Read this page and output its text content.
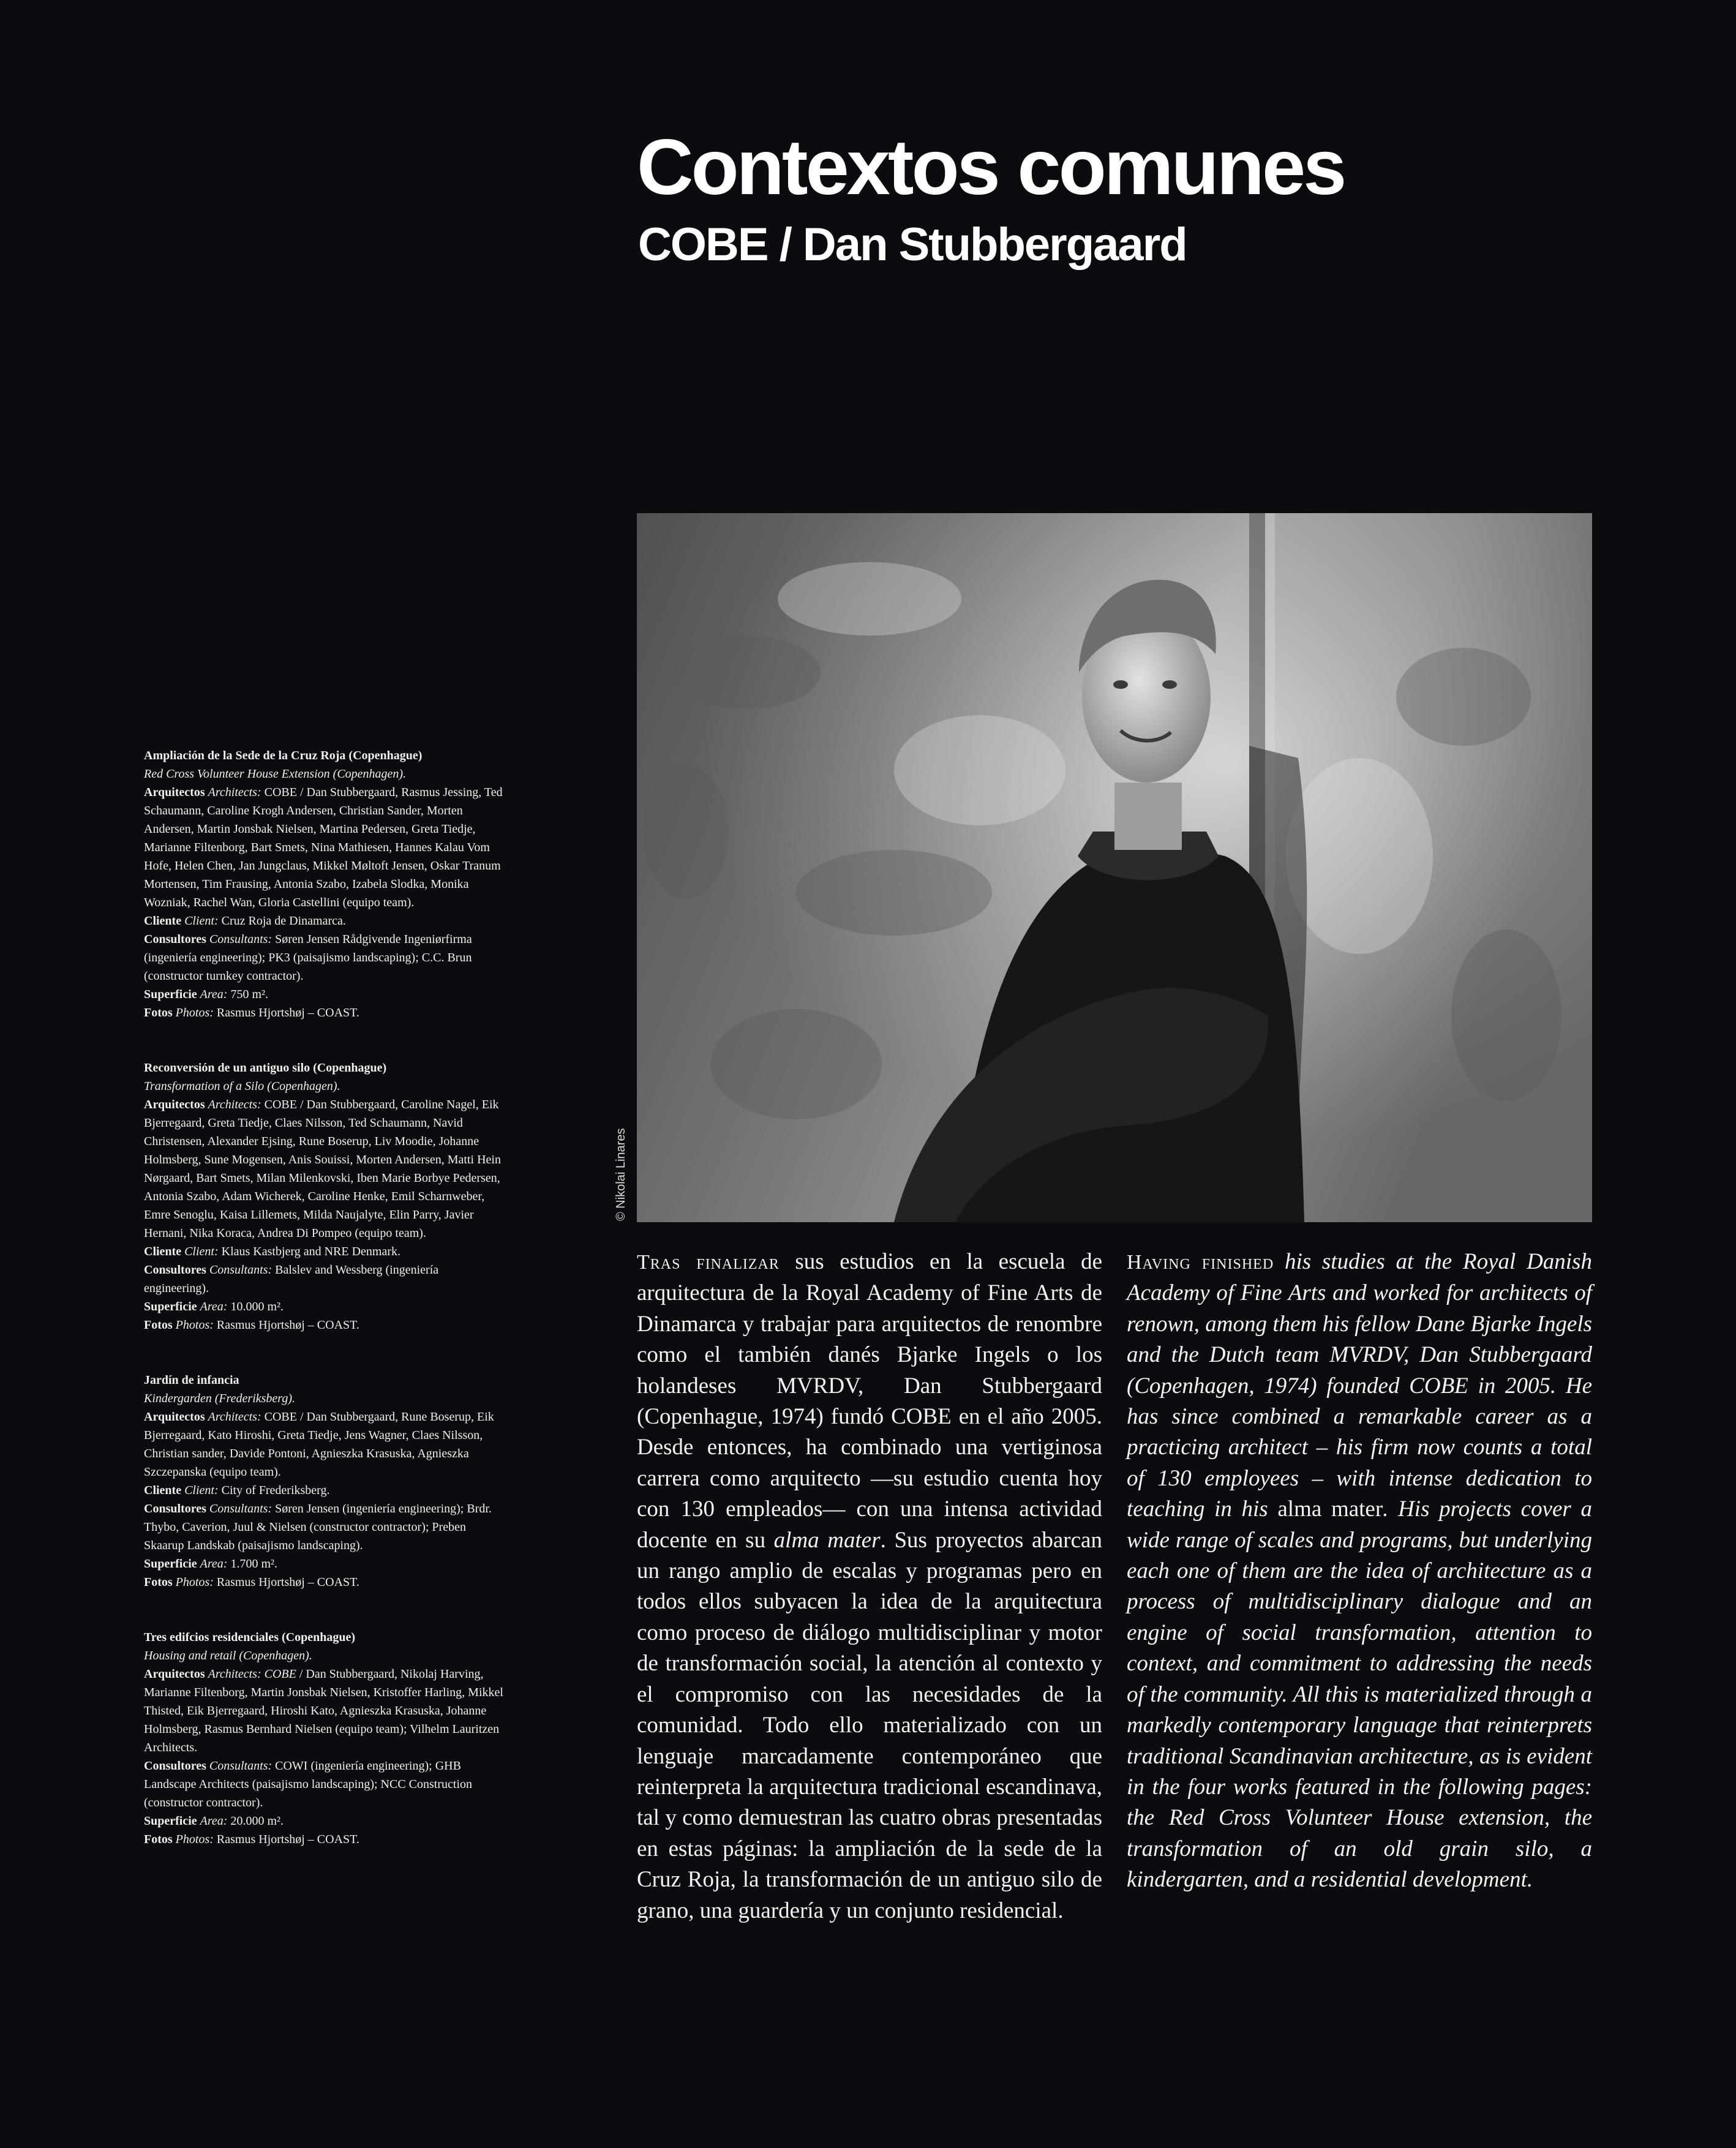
Contextos comunes
COBE / Dan Stubbergaard
© Nikolai Linares

Ampliación de la Sede de la Cruz Roja (Copenhague)

Red Cross Volunteer House Extension (Copenhagen).

Arquitectos Architects: COBE / Dan Stubbergaard, Rasmus Jessing, Ted Schaumann, Caroline Krogh Andersen, Christian Sander, Morten Andersen, Martin Jonsbak Nielsen, Martina Pedersen, Greta Tiedje, Marianne Filtenborg, Bart Smets, Nina Mathiesen, Hannes Kalau Vom Hofe, Helen Chen, Jan Jungclaus, Mikkel Møltoft Jensen, Oskar Tranum Mortensen, Tim Frausing, Antonia Szabo, Izabela Slodka, Monika Wozniak, Rachel Wan, Gloria Castellini (equipo team).

Cliente Client: Cruz Roja de Dinamarca.

Consultores Consultants: Søren Jensen Rådgivende Ingeniørfirma (ingeniería engineering); PK3 (paisajismo landscaping); C.C. Brun (constructor turnkey contractor).

Superficie Area: 750 m².

Fotos Photos: Rasmus Hjortshøj – COAST.

Reconversión de un antiguo silo (Copenhague)

Transformation of a Silo (Copenhagen).

Arquitectos Architects: COBE / Dan Stubbergaard, Caroline Nagel, Eik Bjerregaard, Greta Tiedje, Claes Nilsson, Ted Schaumann, Navid Christensen, Alexander Ejsing, Rune Boserup, Liv Moodie, Johanne Holmsberg, Sune Mogensen, Anis Souissi, Morten Andersen, Matti Hein Nørgaard, Bart Smets, Milan Milenkovski, Iben Marie Borbye Pedersen, Antonia Szabo, Adam Wicherek, Caroline Henke, Emil Scharnweber, Emre Senoglu, Kaisa Lillemets, Milda Naujalyte, Elin Parry, Javier Hernani, Nika Koraca, Andrea Di Pompeo (equipo team).

Cliente Client: Klaus Kastbjerg and NRE Denmark.

Consultores Consultants: Balslev and Wessberg (ingeniería engineering).

Superficie Area: 10.000 m².

Fotos Photos: Rasmus Hjortshøj – COAST.

Jardín de infancia

Kindergarden (Frederiksberg).

Arquitectos Architects: COBE / Dan Stubbergaard, Rune Boserup, Eik Bjerregaard, Kato Hiroshi, Greta Tiedje, Jens Wagner, Claes Nilsson, Christian sander, Davide Pontoni, Agnieszka Krasuska, Agnieszka Szczepanska (equipo team).

Cliente Client: City of Frederiksberg.

Consultores Consultants: Søren Jensen (ingeniería engineering); Brdr. Thybo, Caverion, Juul & Nielsen (constructor contractor); Preben Skaarup Landskab (paisajismo landscaping).

Superficie Area: 1.700 m².

Fotos Photos: Rasmus Hjortshøj – COAST.

Tres edifcios residenciales (Copenhague)

Housing and retail (Copenhagen).

Arquitectos Architects: COBE / Dan Stubbergaard, Nikolaj Harving, Marianne Filtenborg, Martin Jonsbak Nielsen, Kristoffer Harling, Mikkel Thisted, Eik Bjerregaard, Hiroshi Kato, Agnieszka Krasuska, Johanne Holmsberg, Rasmus Bernhard Nielsen (equipo team); Vilhelm Lauritzen Architects.

Consultores Consultants: COWI (ingeniería engineering); GHB Landscape Architects (paisajismo landscaping); NCC Construction (constructor contractor).

Superficie Area: 20.000 m².

Fotos Photos: Rasmus Hjortshøj – COAST.

Tras finalizar sus estudios en la escuela de arquitectura de la Royal Academy of Fine Arts de Dinamarca y trabajar para arquitectos de renombre como el también danés Bjarke Ingels o los holandeses MVRDV, Dan Stubbergaard (Copenhague, 1974) fundó COBE en el año 2005. Desde entonces, ha combinado una vertiginosa carrera como arquitecto —su estudio cuenta hoy con 130 empleados— con una intensa actividad docente en su alma mater. Sus proyectos abarcan un rango amplio de escalas y programas pero en todos ellos subyacen la idea de la arquitectura como proceso de diálogo multidisciplinar y motor de transformación social, la atención al contexto y el compromiso con las necesidades de la comunidad. Todo ello materializado con un lenguaje marcadamente contemporáneo que reinterpreta la arquitectura tradicional escandinava, tal y como demuestran las cuatro obras presentadas en estas páginas: la ampliación de la sede de la Cruz Roja, la transformación de un antiguo silo de grano, una guardería y un conjunto residencial.

Having finished his studies at the Royal Danish Academy of Fine Arts and worked for architects of renown, among them his fellow Dane Bjarke Ingels and the Dutch team MVRDV, Dan Stubbergaard (Copenhagen, 1974) founded COBE in 2005. He has since combined a remarkable career as a practicing architect – his firm now counts a total of 130 employees – with intense dedication to teaching in his alma mater. His projects cover a wide range of scales and programs, but underlying each one of them are the idea of architecture as a process of multidisciplinary dialogue and an engine of social transformation, attention to context, and commitment to addressing the needs of the community. All this is materialized through a markedly contemporary language that reinterprets traditional Scandinavian architecture, as is evident in the four works featured in the following pages: the Red Cross Volunteer House extension, the transformation of an old grain silo, a kindergarten, and a residential development.
